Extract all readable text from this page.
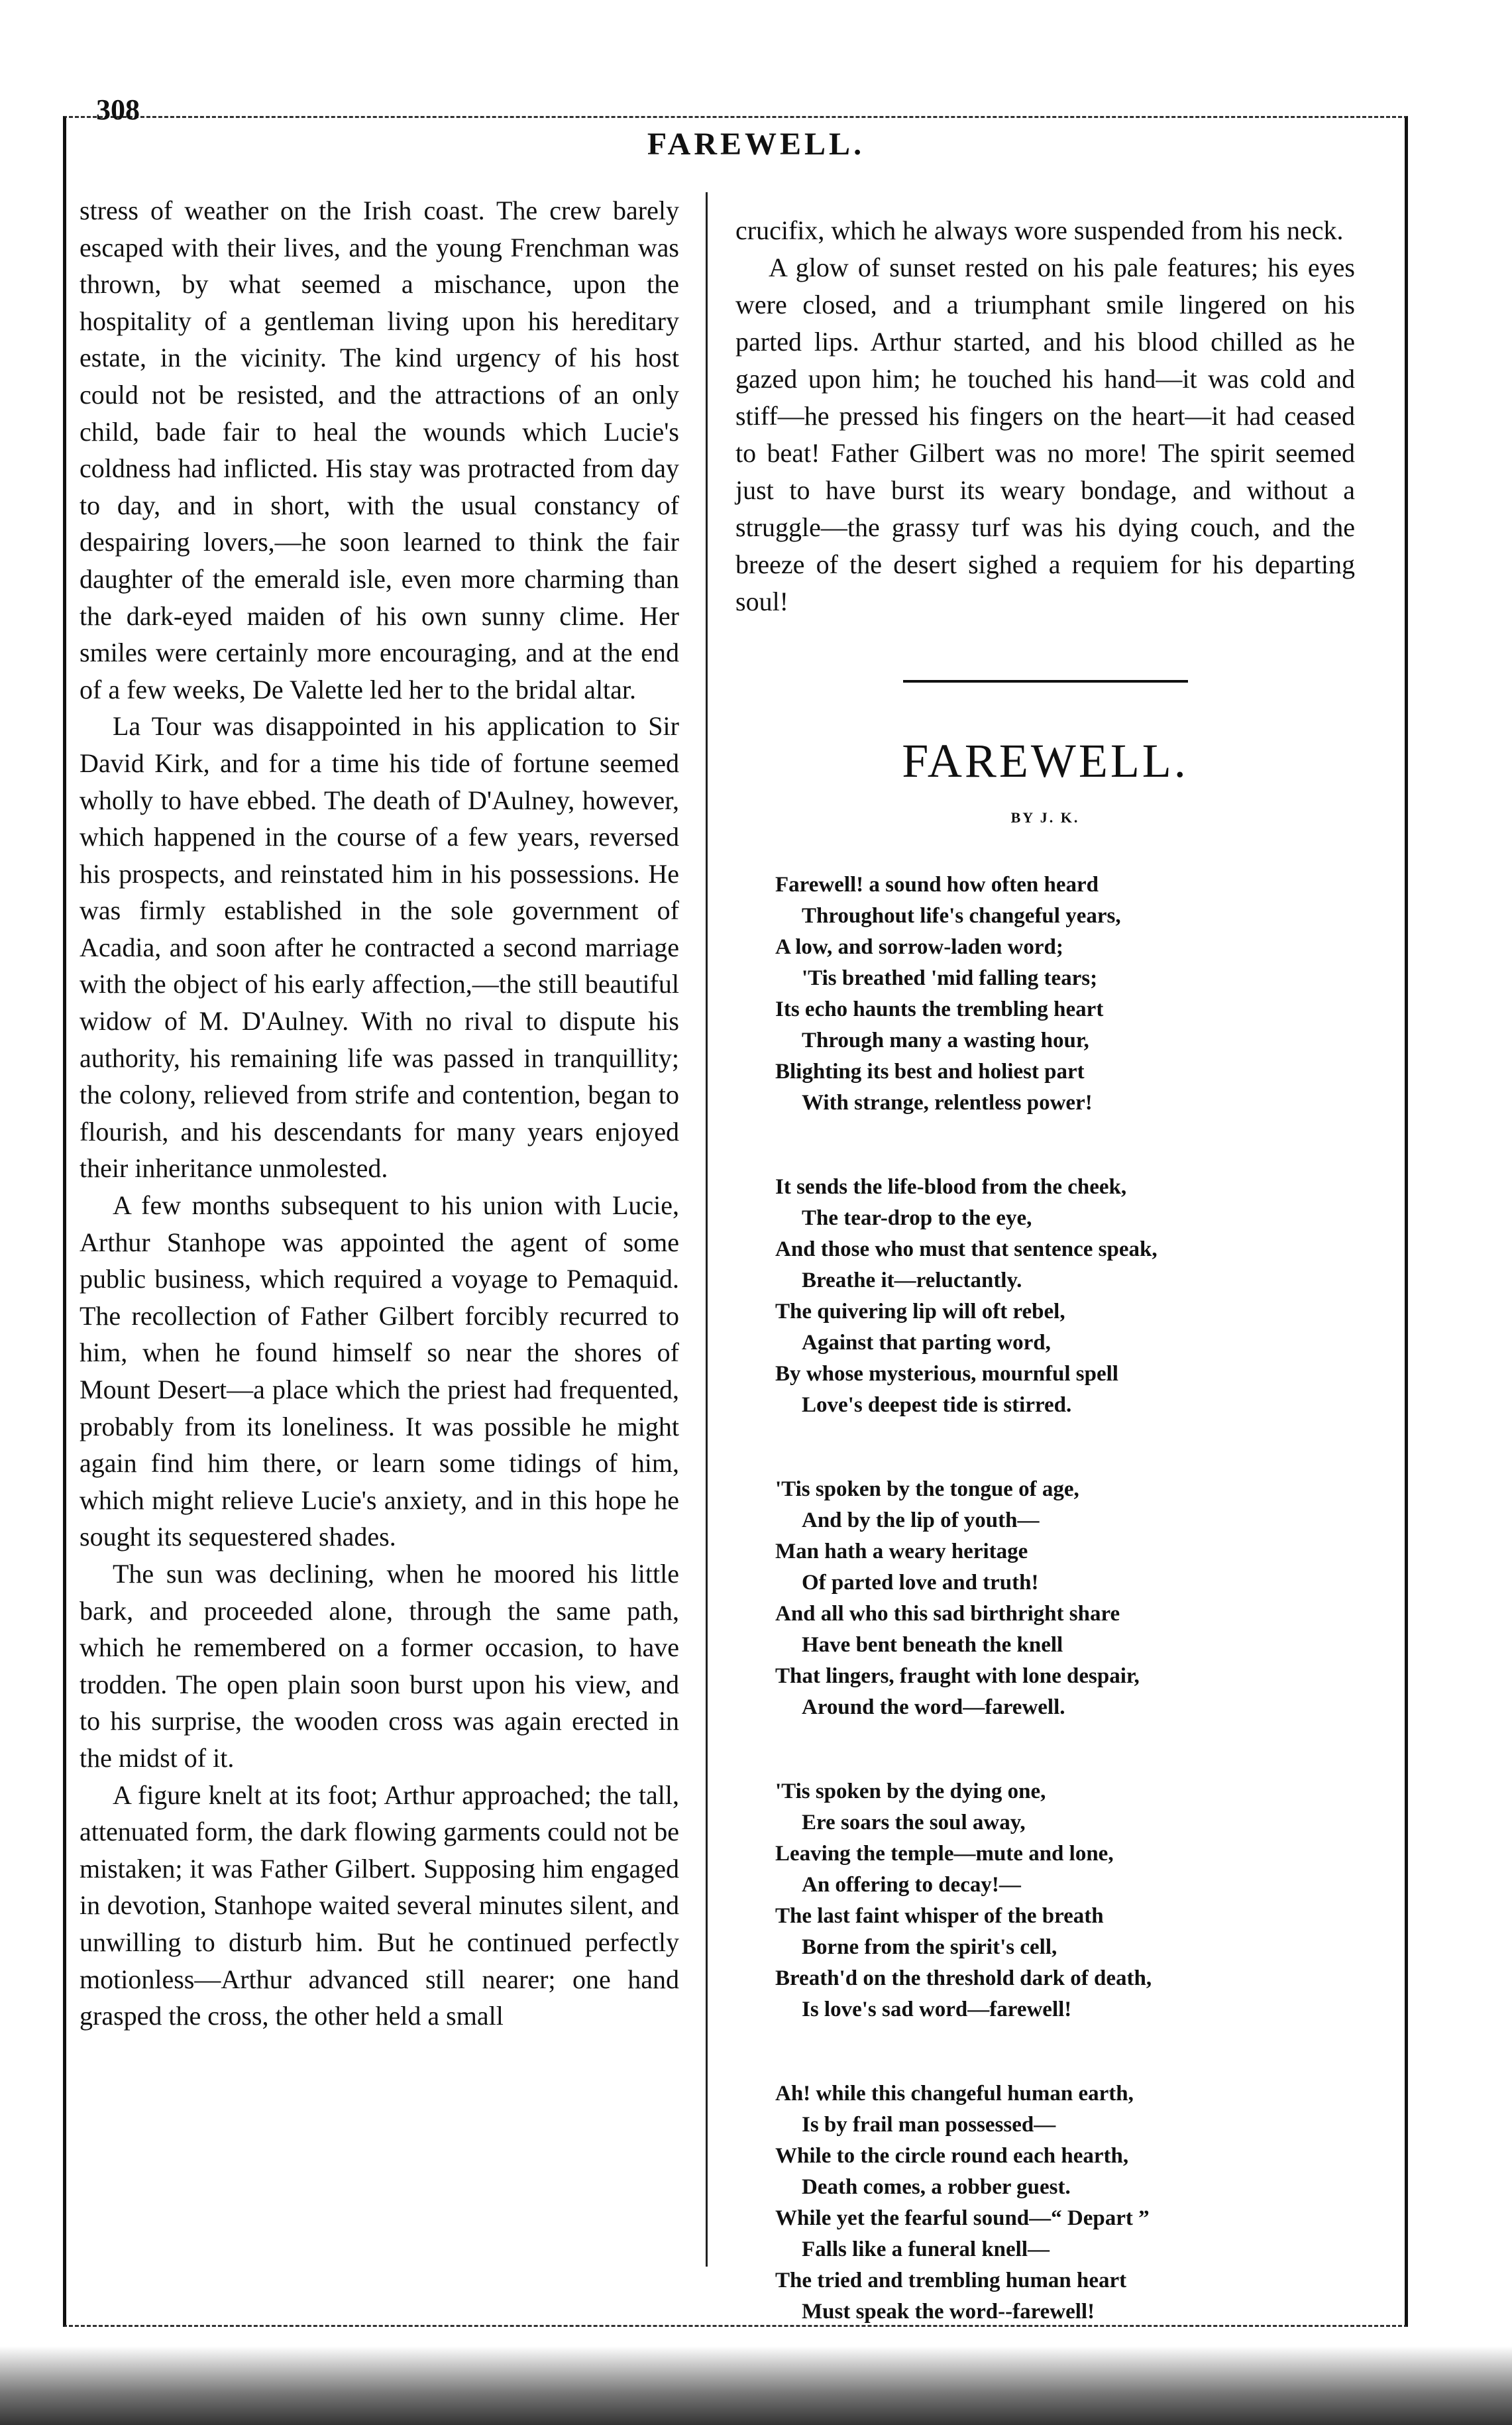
308
FAREWELL.

stress of weather on the Irish coast. The crew barely escaped with their lives, and the young Frenchman was thrown, by what seemed a mischance, upon the hospitality of a gentleman living upon his hereditary estate, in the vicinity. The kind urgency of his host could not be resisted, and the attractions of an only child, bade fair to heal the wounds which Lucie's coldness had inflicted. His stay was protracted from day to day, and in short, with the usual constancy of despairing lovers,—he soon learned to think the fair daughter of the emerald isle, even more charming than the dark-eyed maiden of his own sunny clime. Her smiles were certainly more encouraging, and at the end of a few weeks, De Valette led her to the bridal altar.

La Tour was disappointed in his application to Sir David Kirk, and for a time his tide of fortune seemed wholly to have ebbed. The death of D'Aulney, however, which happened in the course of a few years, reversed his prospects, and reinstated him in his possessions. He was firmly established in the sole government of Acadia, and soon after he contracted a second marriage with the object of his early affection,—the still beautiful widow of M. D'Aulney. With no rival to dispute his authority, his remaining life was passed in tranquillity; the colony, relieved from strife and contention, began to flourish, and his descendants for many years enjoyed their inheritance unmolested.

A few months subsequent to his union with Lucie, Arthur Stanhope was appointed the agent of some public business, which required a voyage to Pemaquid. The recollection of Father Gilbert forcibly recurred to him, when he found himself so near the shores of Mount Desert—a place which the priest had frequented, probably from its loneliness. It was possible he might again find him there, or learn some tidings of him, which might relieve Lucie's anxiety, and in this hope he sought its sequestered shades.

The sun was declining, when he moored his little bark, and proceeded alone, through the same path, which he remembered on a former occasion, to have trodden. The open plain soon burst upon his view, and to his surprise, the wooden cross was again erected in the midst of it.

A figure knelt at its foot; Arthur approached; the tall, attenuated form, the dark flowing garments could not be mistaken; it was Father Gilbert. Supposing him engaged in devotion, Stanhope waited several minutes silent, and unwilling to disturb him. But he continued perfectly motionless—Arthur advanced still nearer; one hand grasped the cross, the other held a small

crucifix, which he always wore suspended from his neck.

A glow of sunset rested on his pale features; his eyes were closed, and a triumphant smile lingered on his parted lips. Arthur started, and his blood chilled as he gazed upon him; he touched his hand—it was cold and stiff—he pressed his fingers on the heart—it had ceased to beat! Father Gilbert was no more! The spirit seemed just to have burst its weary bondage, and without a struggle—the grassy turf was his dying couch, and the breeze of the desert sighed a requiem for his departing soul!

FAREWELL.
BY J. K.
Farewell! a sound how often heard
Throughout life's changeful years,
A low, and sorrow-laden word;
'Tis breathed 'mid falling tears;
Its echo haunts the trembling heart
Through many a wasting hour,
Blighting its best and holiest part
With strange, relentless power!
It sends the life-blood from the cheek,
The tear-drop to the eye,
And those who must that sentence speak,
Breathe it—reluctantly.
The quivering lip will oft rebel,
Against that parting word,
By whose mysterious, mournful spell
Love's deepest tide is stirred.
'Tis spoken by the tongue of age,
And by the lip of youth—
Man hath a weary heritage
Of parted love and truth!
And all who this sad birthright share
Have bent beneath the knell
That lingers, fraught with lone despair,
Around the word—farewell.
'Tis spoken by the dying one,
Ere soars the soul away,
Leaving the temple—mute and lone,
An offering to decay!—
The last faint whisper of the breath
Borne from the spirit's cell,
Breath'd on the threshold dark of death,
Is love's sad word—farewell!
Ah! while this changeful human earth,
Is by frail man possessed—
While to the circle round each hearth,
Death comes, a robber guest.
While yet the fearful sound—“ Depart ”
Falls like a funeral knell—
The tried and trembling human heart
Must speak the word--farewell!
